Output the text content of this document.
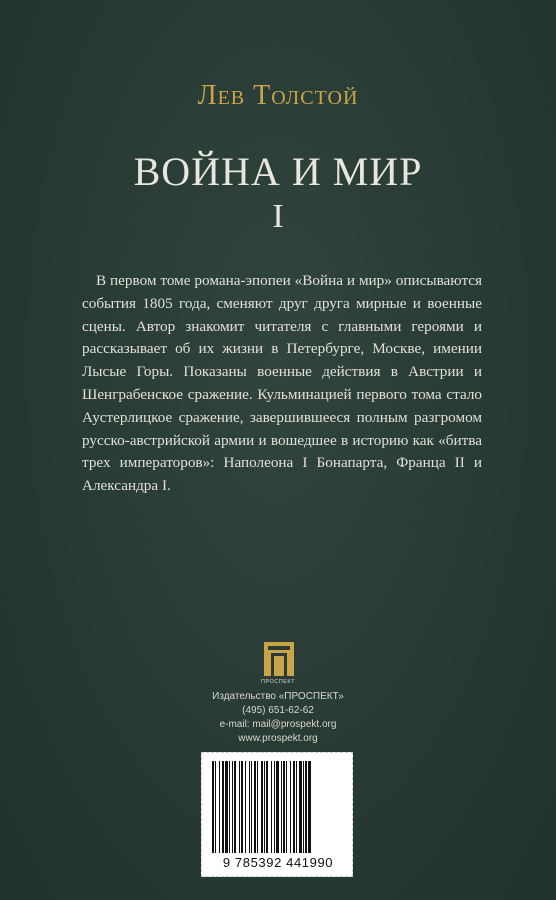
Лев Толстой
ВОЙНА И МИР
I
В первом томе романа-эпопеи «Война и мир» описываются события 1805 года, сменяют друг друга мирные и военные сцены. Автор знакомит читателя с главными героями и рассказывает об их жизни в Петербурге, Москве, имении Лысые Горы. Показаны военные действия в Австрии и Шенграбенское сражение. Кульминацией первого тома стало Аустерлицкое сражение, завершившееся полным разгромом русско-австрийской армии и вошедшее в историю как «битва трех императоров»: Наполеона I Бонапарта, Франца II и Александра I.
ПРОСПЕКТ
Издательство «ПРОСПЕКТ»
(495) 651-62-62
e-mail: mail@prospekt.org
www.prospekt.org
9 785392 441990
